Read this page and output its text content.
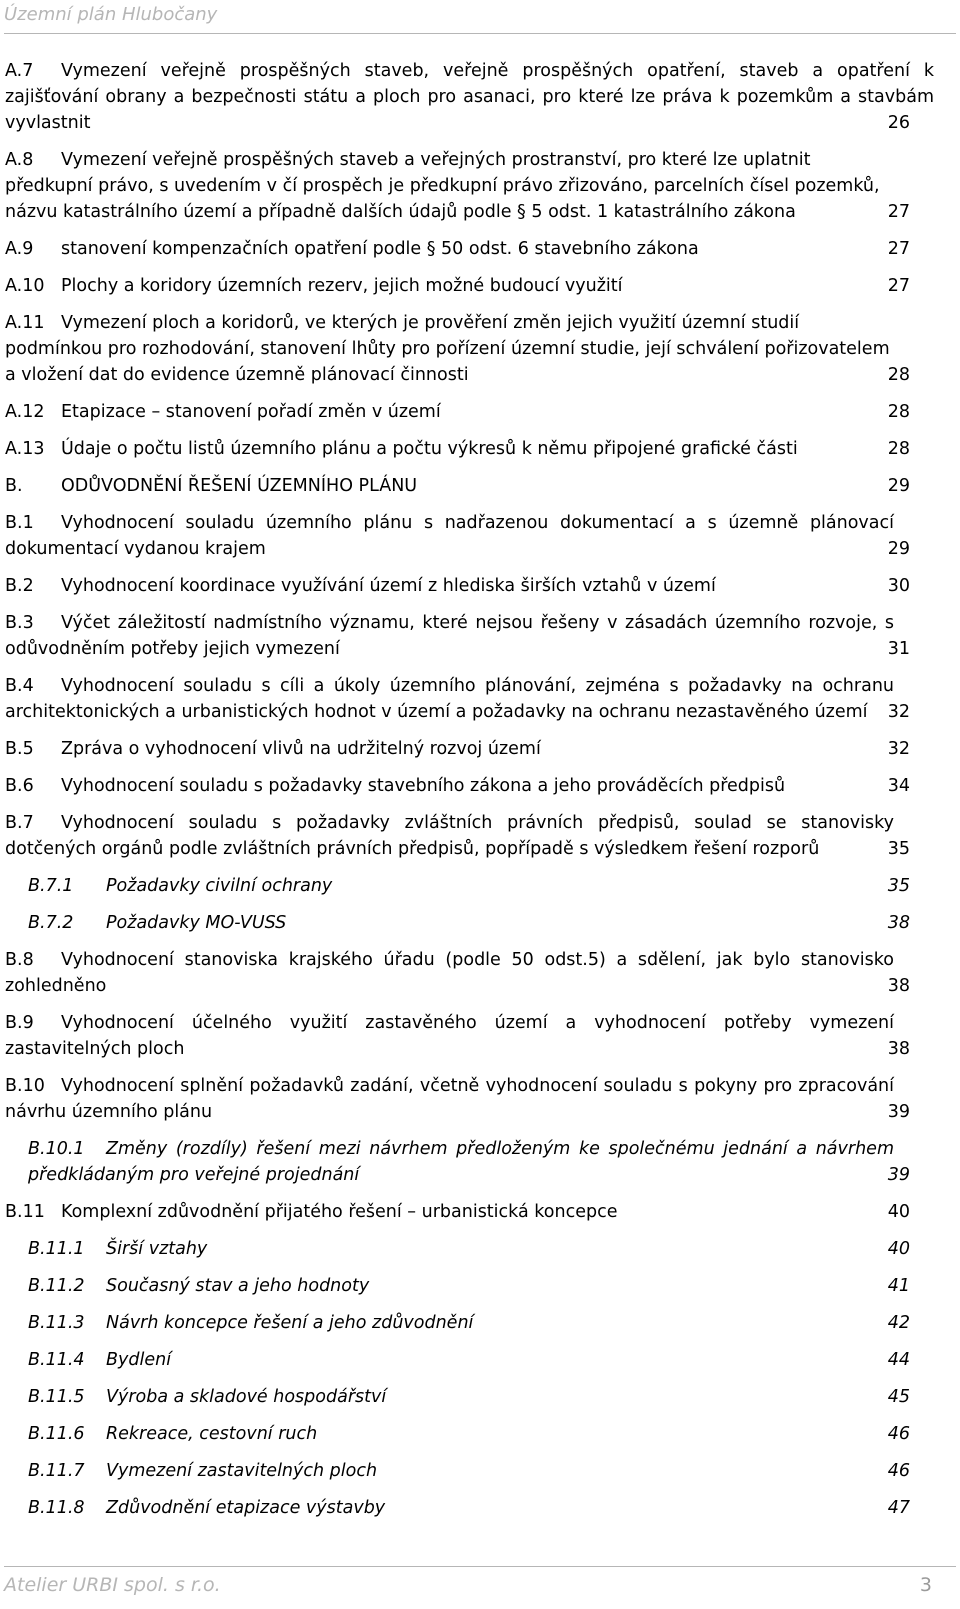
Územní plán Hlubočany
A.7 Vymezení veřejně prospěšných staveb, veřejně prospěšných opatření, staveb a opatření k zajišťování obrany a bezpečnosti státu a ploch pro asanaci, pro které lze práva k pozemkům a stavbám vyvlastnit	26
A.8 Vymezení veřejně prospěšných staveb a veřejných prostranství, pro které lze uplatnit předkupní právo, s uvedením v čí prospěch je předkupní právo zřizováno, parcelních čísel pozemků, názvu katastrálního území a případně dalších údajů podle § 5 odst. 1 katastrálního zákona	27
A.9 stanovení kompenzačních opatření podle § 50 odst. 6 stavebního zákona	27
A.10 Plochy a koridory územních rezerv, jejich možné budoucí využití	27
A.11 Vymezení ploch a koridorů, ve kterých je prověření změn jejich využití územní studií podmínkou pro rozhodování, stanovení lhůty pro pořízení územní studie, její schválení pořizovatelem a vložení dat do evidence územně plánovací činnosti	28
A.12 Etapizace – stanovení pořadí změn v území	28
A.13 Údaje o počtu listů územního plánu a počtu výkresů k němu připojené grafické části	28
B. ODŮVODNĚNÍ ŘEŠENÍ ÚZEMNÍHO PLÁNU	29
B.1 Vyhodnocení souladu územního plánu s nadřazenou dokumentací a s územně plánovací dokumentací vydanou krajem	29
B.2 Vyhodnocení koordinace využívání území z hlediska širších vztahů v území	30
B.3 Výčet záležitostí nadmístního významu, které nejsou řešeny v zásadách územního rozvoje, s odůvodněním potřeby jejich vymezení	31
B.4 Vyhodnocení souladu s cíli a úkoly územního plánování, zejména s požadavky na ochranu architektonických a urbanistických hodnot v území a požadavky na ochranu nezastavěného území 32
B.5 Zpráva o vyhodnocení vlivů na udržitelný rozvoj území	32
B.6 Vyhodnocení souladu s požadavky stavebního zákona a jeho prováděcích předpisů	34
B.7 Vyhodnocení souladu s požadavky zvláštních právních předpisů, soulad se stanovisky dotčených orgánů podle zvláštních právních předpisů, popřípadě s výsledkem řešení rozporů	35
B.7.1 Požadavky civilní ochrany	35
B.7.2 Požadavky MO-VUSS	38
B.8 Vyhodnocení stanoviska krajského úřadu (podle 50 odst.5) a sdělení, jak bylo stanovisko zohledněno	38
B.9 Vyhodnocení účelného využití zastavěného území a vyhodnocení potřeby vymezení zastavitelných ploch	38
B.10 Vyhodnocení splnění požadavků zadání, včetně vyhodnocení souladu s pokyny pro zpracování návrhu územního plánu	39
B.10.1 Změny (rozdíly) řešení mezi návrhem předloženým ke společnému jednání a návrhem předkládaným pro veřejné projednání	39
B.11 Komplexní zdůvodnění přijatého řešení – urbanistická koncepce	40
B.11.1 Širší vztahy	40
B.11.2 Současný stav a jeho hodnoty	41
B.11.3 Návrh koncepce řešení a jeho zdůvodnění	42
B.11.4 Bydlení	44
B.11.5 Výroba a skladové hospodářství	45
B.11.6 Rekreace, cestovní ruch	46
B.11.7 Vymezení zastavitelných ploch	46
B.11.8 Zdůvodnění etapizace výstavby	47
Atelier URBI spol. s r.o.	3
